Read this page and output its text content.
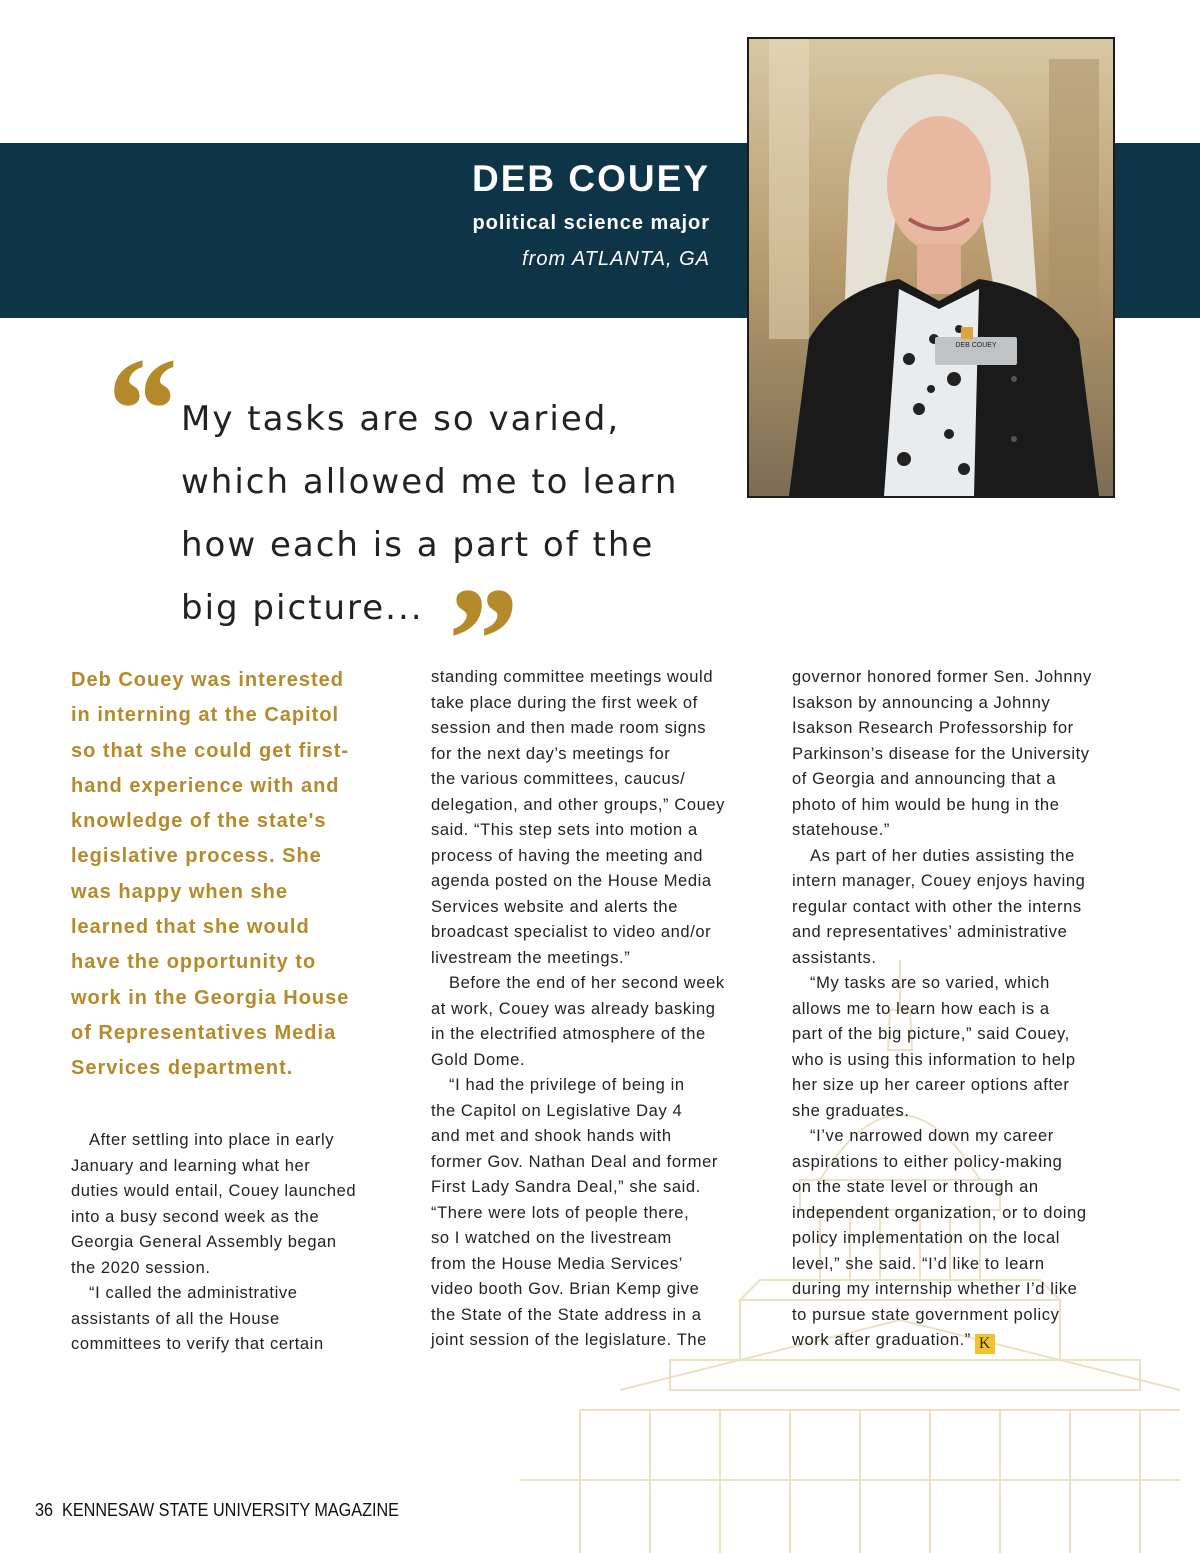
DEB COUEY
political science major
from ATLANTA, GA
DEB COUEY
“ My tasks are so varied,
which allowed me to learn
how each is a part of the
big picture... ”
Deb Couey was interested
in interning at the Capitol
so that she could get first-
hand experience with and
knowledge of the state's
legislative process. She
was happy when she
learned that she would
have the opportunity to
work in the Georgia House
of Representatives Media
Services department.
After settling into place in early
January and learning what her
duties would entail, Couey launched
into a busy second week as the
Georgia General Assembly began
the 2020 session.
“I called the administrative
assistants of all the House
committees to verify that certain
standing committee meetings would
take place during the first week of
session and then made room signs
for the next day’s meetings for
the various committees, caucus/
delegation, and other groups,” Couey
said. “This step sets into motion a
process of having the meeting and
agenda posted on the House Media
Services website and alerts the
broadcast specialist to video and/or
livestream the meetings.”
Before the end of her second week
at work, Couey was already basking
in the electrified atmosphere of the
Gold Dome.
“I had the privilege of being in
the Capitol on Legislative Day 4
and met and shook hands with
former Gov. Nathan Deal and former
First Lady Sandra Deal,” she said.
“There were lots of people there,
so I watched on the livestream
from the House Media Services’
video booth Gov. Brian Kemp give
the State of the State address in a
joint session of the legislature. The
governor honored former Sen. Johnny
Isakson by announcing a Johnny
Isakson Research Professorship for
Parkinson’s disease for the University
of Georgia and announcing that a
photo of him would be hung in the
statehouse.”
As part of her duties assisting the
intern manager, Couey enjoys having
regular contact with other the interns
and representatives’ administrative
assistants.
“My tasks are so varied, which
allows me to learn how each is a
part of the big picture,” said Couey,
who is using this information to help
her size up her career options after
she graduates.
“I’ve narrowed down my career
aspirations to either policy-making
on the state level or through an
independent organization, or to doing
policy implementation on the local
level,” she said. “I’d like to learn
during my internship whether I’d like
to pursue state government policy
work after graduation.” K
36 KENNESAW STATE UNIVERSITY MAGAZINE
